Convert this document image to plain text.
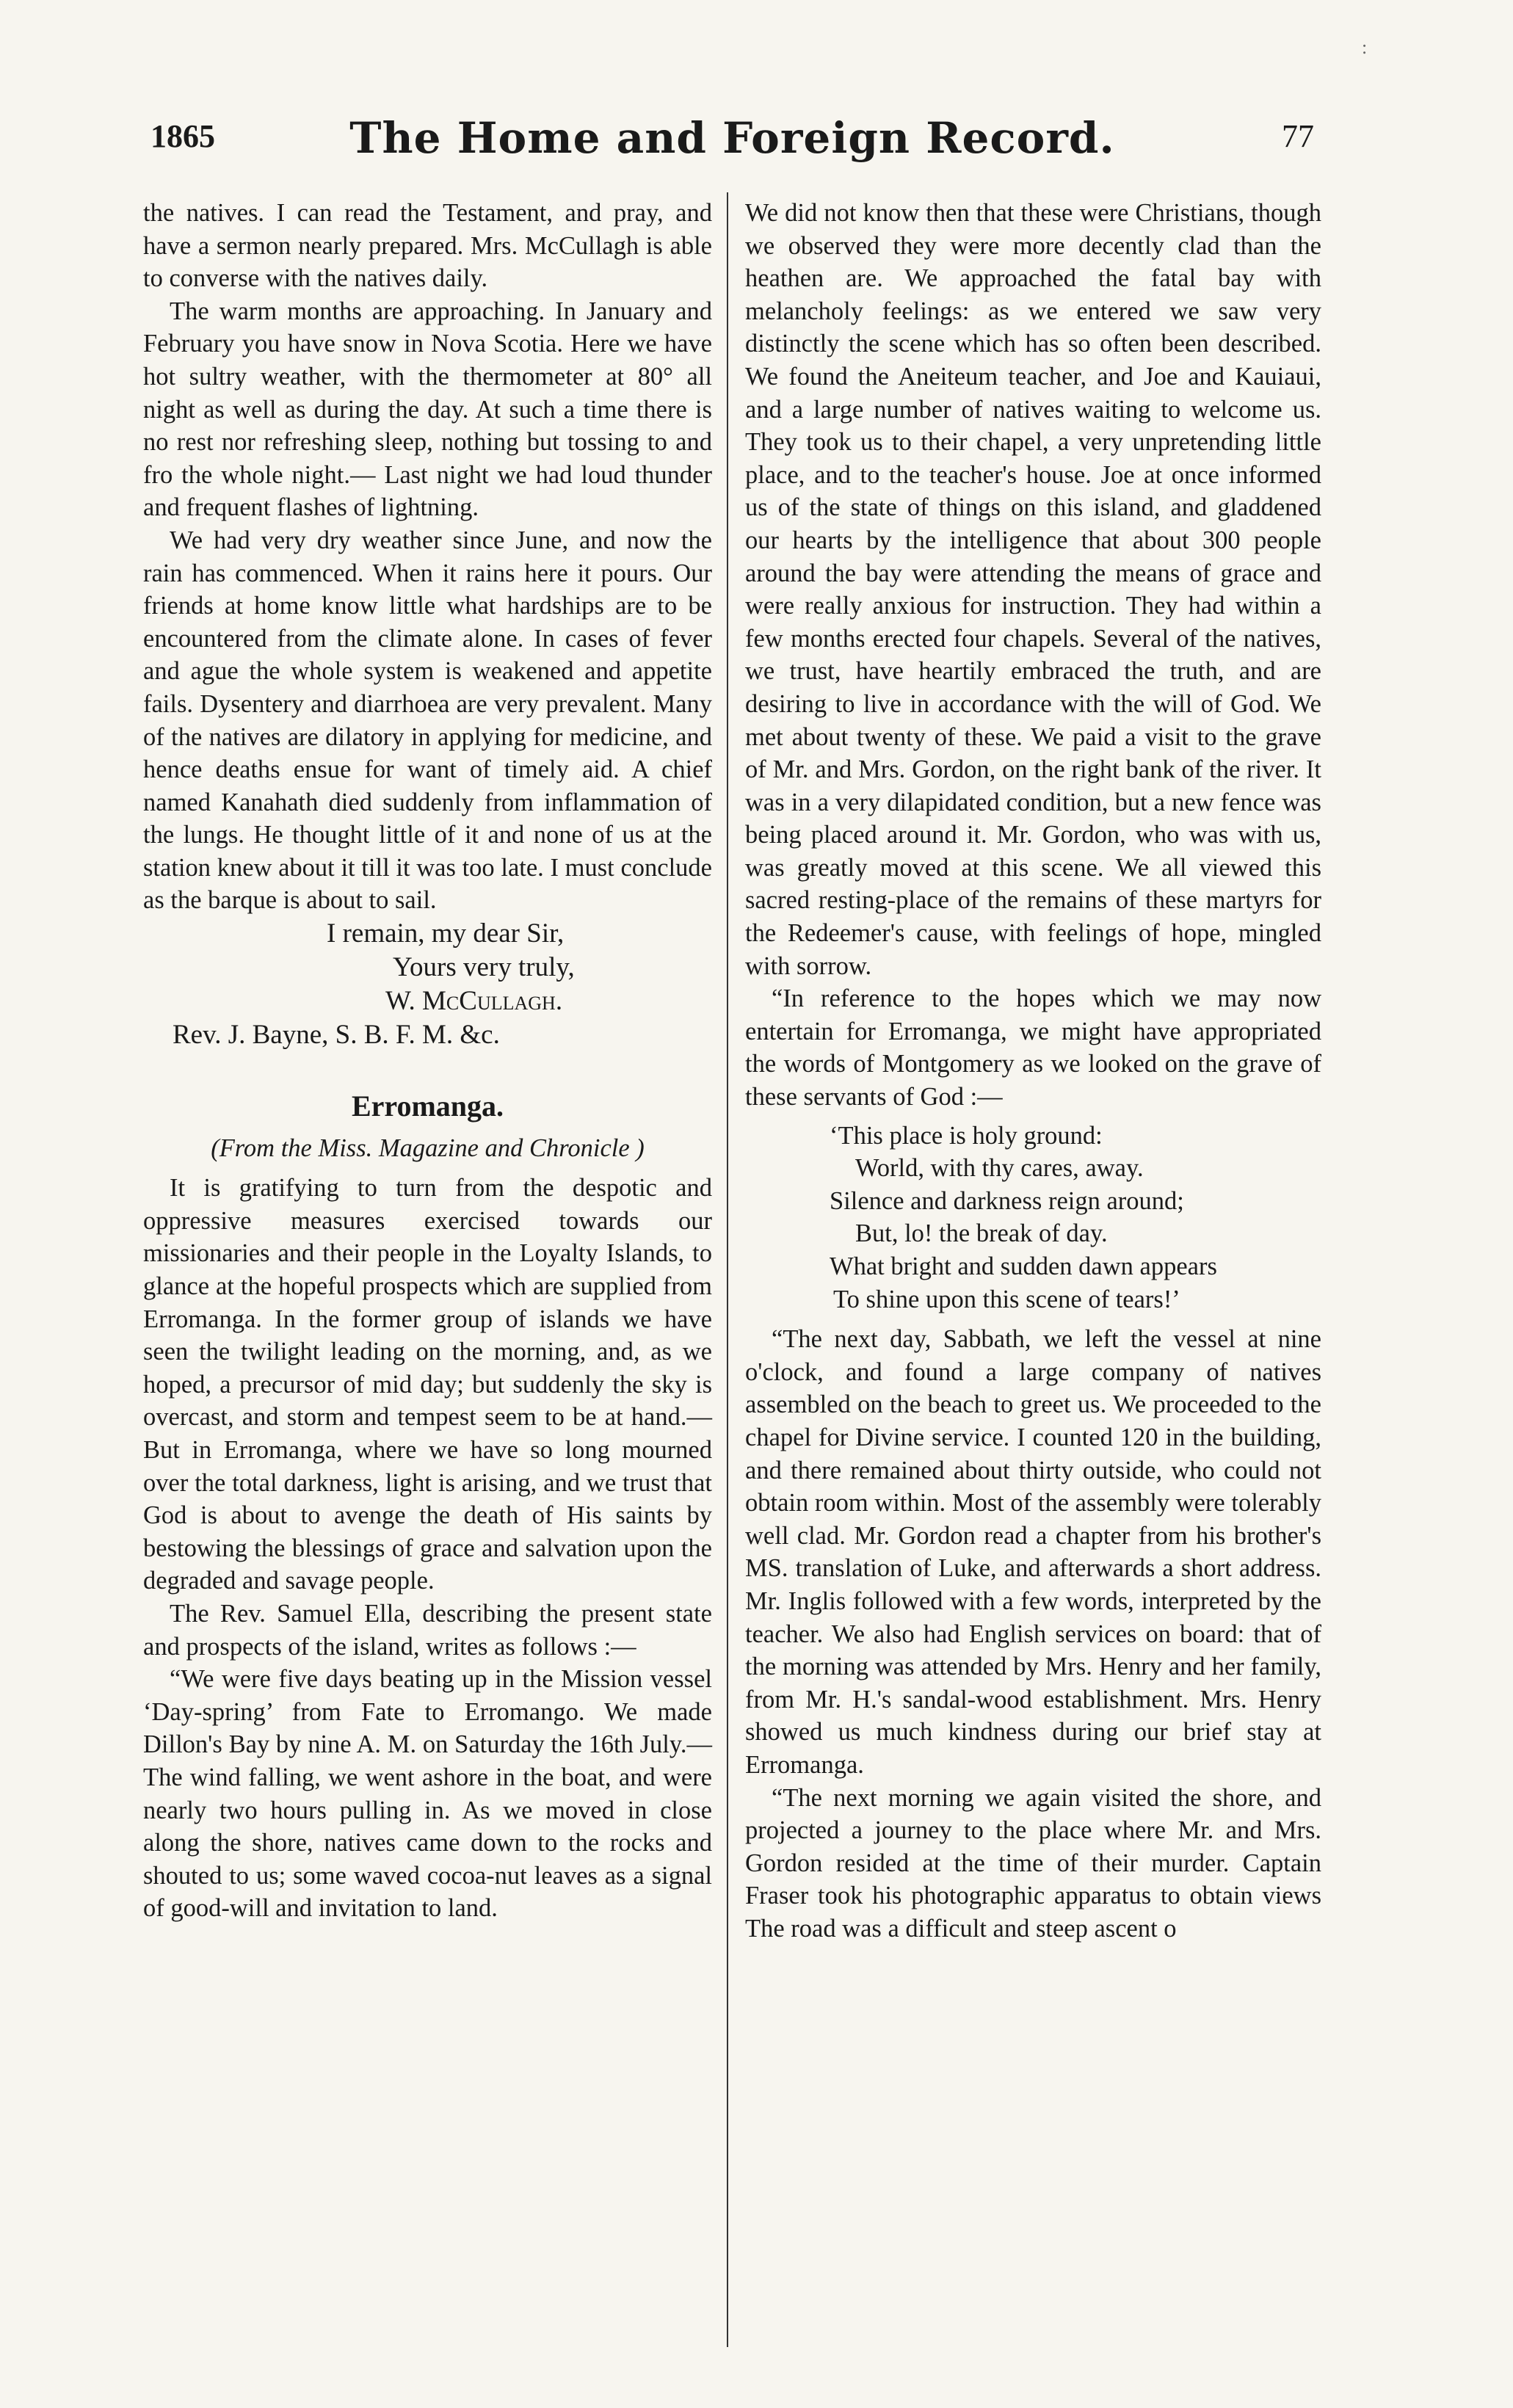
:
1865	The Home and Foreign Record.	77

the natives. I can read the Testament, and pray, and have a sermon nearly prepared. Mrs. McCullagh is able to converse with the natives daily.

The warm months are approaching. In January and February you have snow in Nova Scotia. Here we have hot sultry weather, with the thermometer at 80° all night as well as during the day. At such a time there is no rest nor refreshing sleep, nothing but tossing to and fro the whole night.— Last night we had loud thunder and frequent flashes of lightning.

We had very dry weather since June, and now the rain has commenced. When it rains here it pours. Our friends at home know little what hardships are to be encountered from the climate alone. In cases of fever and ague the whole system is weakened and appetite fails. Dysentery and diarrhoea are very prevalent. Many of the natives are dilatory in applying for medicine, and hence deaths ensue for want of timely aid. A chief named Kanahath died suddenly from inflammation of the lungs. He thought little of it and none of us at the station knew about it till it was too late. I must conclude as the barque is about to sail.

I remain, my dear Sir,
Yours very truly,
W. McCullagh.
Rev. J. Bayne, S. B. F. M. &c.
Erromanga.
(From the Miss. Magazine and Chronicle )

It is gratifying to turn from the despotic and oppressive measures exercised towards our missionaries and their people in the Loyalty Islands, to glance at the hopeful prospects which are supplied from Erromanga. In the former group of islands we have seen the twilight leading on the morning, and, as we hoped, a precursor of mid day; but suddenly the sky is overcast, and storm and tempest seem to be at hand.— But in Erromanga, where we have so long mourned over the total darkness, light is arising, and we trust that God is about to avenge the death of His saints by bestowing the blessings of grace and salvation upon the degraded and savage people.

The Rev. Samuel Ella, describing the present state and prospects of the island, writes as follows :—

“We were five days beating up in the Mission vessel ‘Day-spring’ from Fate to Erromango. We made Dillon's Bay by nine A. M. on Saturday the 16th July.— The wind falling, we went ashore in the boat, and were nearly two hours pulling in. As we moved in close along the shore, natives came down to the rocks and shouted to us; some waved cocoa-nut leaves as a signal of good-will and invitation to land.

We did not know then that these were Christians, though we observed they were more decently clad than the heathen are. We approached the fatal bay with melancholy feelings: as we entered we saw very distinctly the scene which has so often been described. We found the Aneiteum teacher, and Joe and Kauiaui, and a large number of natives waiting to welcome us. They took us to their chapel, a very unpretending little place, and to the teacher's house. Joe at once informed us of the state of things on this island, and gladdened our hearts by the intelligence that about 300 people around the bay were attending the means of grace and were really anxious for instruction. They had within a few months erected four chapels. Several of the natives, we trust, have heartily embraced the truth, and are desiring to live in accordance with the will of God. We met about twenty of these. We paid a visit to the grave of Mr. and Mrs. Gordon, on the right bank of the river. It was in a very dilapidated condition, but a new fence was being placed around it. Mr. Gordon, who was with us, was greatly moved at this scene. We all viewed this sacred resting-place of the remains of these martyrs for the Redeemer's cause, with feelings of hope, mingled with sorrow.

“In reference to the hopes which we may now entertain for Erromanga, we might have appropriated the words of Montgomery as we looked on the grave of these servants of God :—

‘This place is holy ground:
World, with thy cares, away.
Silence and darkness reign around;
But, lo! the break of day.
What bright and sudden dawn appears
To shine upon this scene of tears!’

“The next day, Sabbath, we left the vessel at nine o'clock, and found a large company of natives assembled on the beach to greet us. We proceeded to the chapel for Divine service. I counted 120 in the building, and there remained about thirty outside, who could not obtain room within. Most of the assembly were tolerably well clad. Mr. Gordon read a chapter from his brother's MS. translation of Luke, and afterwards a short address. Mr. Inglis followed with a few words, interpreted by the teacher. We also had English services on board: that of the morning was attended by Mrs. Henry and her family, from Mr. H.'s sandal-wood establishment. Mrs. Henry showed us much kindness during our brief stay at Erromanga.

“The next morning we again visited the shore, and projected a journey to the place where Mr. and Mrs. Gordon resided at the time of their murder. Captain Fraser took his photographic apparatus to obtain views The road was a difficult and steep ascent o
